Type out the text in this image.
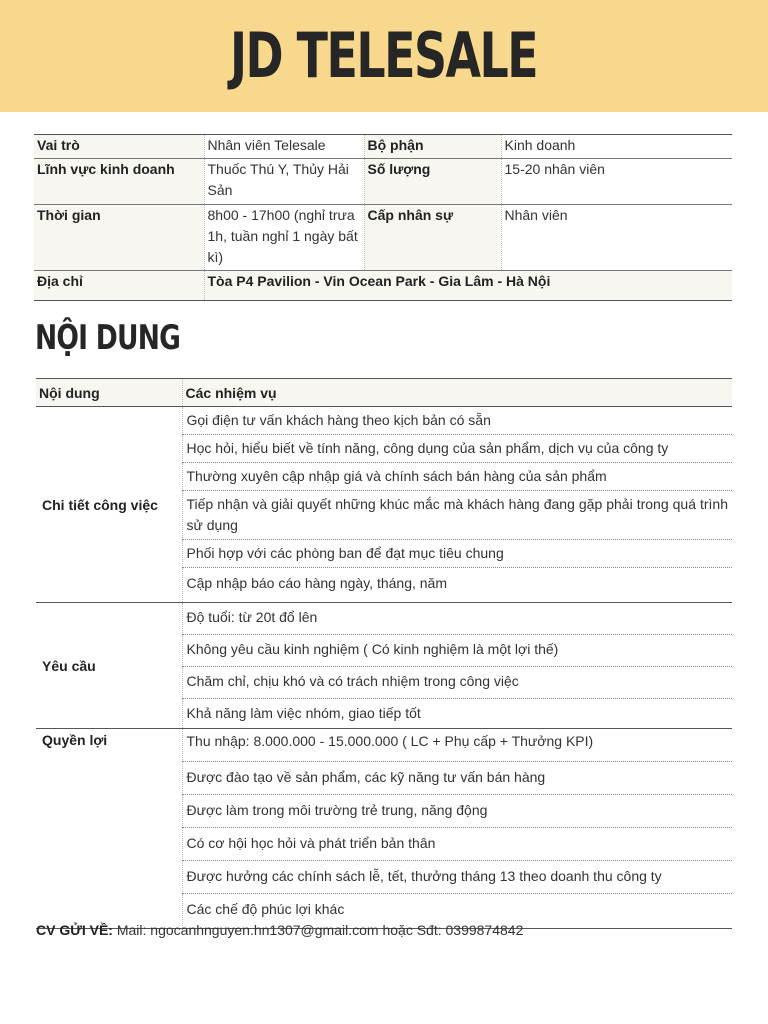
JD TELESALE
Vai trò	Nhân viên Telesale	Bộ phận	Kinh doanh
Lĩnh vực kinh doanh	Thuốc Thú Y, Thủy Hải Sản	Số lượng	15-20 nhân viên
Thời gian	8h00 - 17h00 (nghỉ trưa 1h, tuần nghỉ 1 ngày bất kì)	Cấp nhân sự	Nhân viên
Địa chỉ	Tòa P4 Pavilion - Vin Ocean Park - Gia Lâm - Hà Nội		
NỘI DUNG
Nội dung	Các nhiệm vụ
Chi tiết công việc	Gọi điện tư vấn khách hàng theo kịch bản có sẵn
	Học hỏi, hiểu biết về tính năng, công dụng của sản phẩm, dịch vụ của công ty
	Thường xuyên cập nhập giá và chính sách bán hàng của sản phẩm
	Tiếp nhận và giải quyết những khúc mắc mà khách hàng đang gặp phải trong quá trình sử dụng
	Phối hợp với các phòng ban để đạt mục tiêu chung
	Cập nhập báo cáo hàng ngày, tháng, năm
Yêu cầu	Độ tuổi: từ 20t đổ lên
	Không yêu cầu kinh nghiệm ( Có kinh nghiệm là một lợi thế)
	Chăm chỉ, chịu khó và có trách nhiệm trong công việc
	Khả năng làm việc nhóm, giao tiếp tốt
Quyền lợi	Thu nhập: 8.000.000 - 15.000.000 ( LC + Phụ cấp + Thưởng KPI)
	Được đào tạo về sản phẩm, các kỹ năng tư vấn bán hàng
	Được làm trong môi trường trẻ trung, năng động
	Có cơ hội học hỏi và phát triển bản thân
	Được hưởng các chính sách lễ, tết, thưởng tháng 13 theo doanh thu công ty
	Các chế độ phúc lợi khác
CV GỬI VỀ: Mail: ngocanhnguyen.hn1307@gmail.com hoặc Sđt: 0399874842
